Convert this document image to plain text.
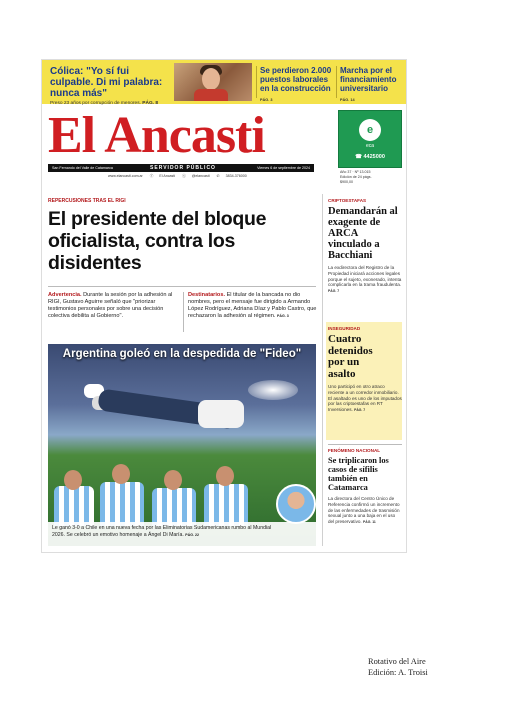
Cólica: "Yo sí fui culpable. Di mi palabra: nunca más"
Preso 23 años por corrupción de menores. PÁG. 8
Se perdieron 2.000 puestos laborales en la construcción
PÁG. 3
Marcha por el financiamiento universitario
PÁG. 14
El Ancasti
San Fernando del Valle de Catamarca	SERVIDOR PÚBLICO	Viernes 6 de septiembre de 2024
www.elancasti.com.ar ⓕ El Ancasti ⓧ @elancasti ✆ 3834-376000
e
eca
☎ 4425000
Año 37 · Nº 13.015
Edición de 24 págs.
$900,00
REPERCUSIONES TRAS EL RIGI
El presidente del bloque oficialista, contra los disidentes
Advertencia. Durante la sesión por la adhesión al RIGI, Gustavo Aguirre señaló que "priorizar testimonios personales por sobre una decisión colectiva debilita al Gobierno".
Destinatarios. El titular de la bancada no dio nombres, pero el mensaje fue dirigido a Armando López Rodríguez, Adriana Díaz y Pablo Castro, que rechazaron la adhesión al régimen. PÁG. 3
Argentina goleó en la despedida de "Fideo"
Le ganó 3-0 a Chile en una nueva fecha por las Eliminatorias Sudamericanas rumbo al Mundial 2026. Se celebró un emotivo homenaje a Ángel Di María. PÁG. 22
CRIPTOESTAFAS
Demandarán al exagente de ARCA vinculado a Bacchiani
La exdirectora del Registro de la Propiedad iniciará acciones legales porque el sujeto, exonerado, intenta complicarla en la trama fraudulenta. PÁG. 7
INSEGURIDAD
Cuatro detenidos por un asalto
Uno participó en otro atraco reciente a un corredor inmobiliario. El asaltado es uno de los imputados por las criptoestafas en RT Inversiones. PÁG. 7
FENÓMENO NACIONAL
Se triplicaron los casos de sífilis también en Catamarca
La directora del Centro Único de Referencia confirmó un incremento de las enfermedades de trasmisión sexual junto a una baja en el uso del preservativo. PÁG. 11
Rotativo del Aire
Edición: A. Troisi
